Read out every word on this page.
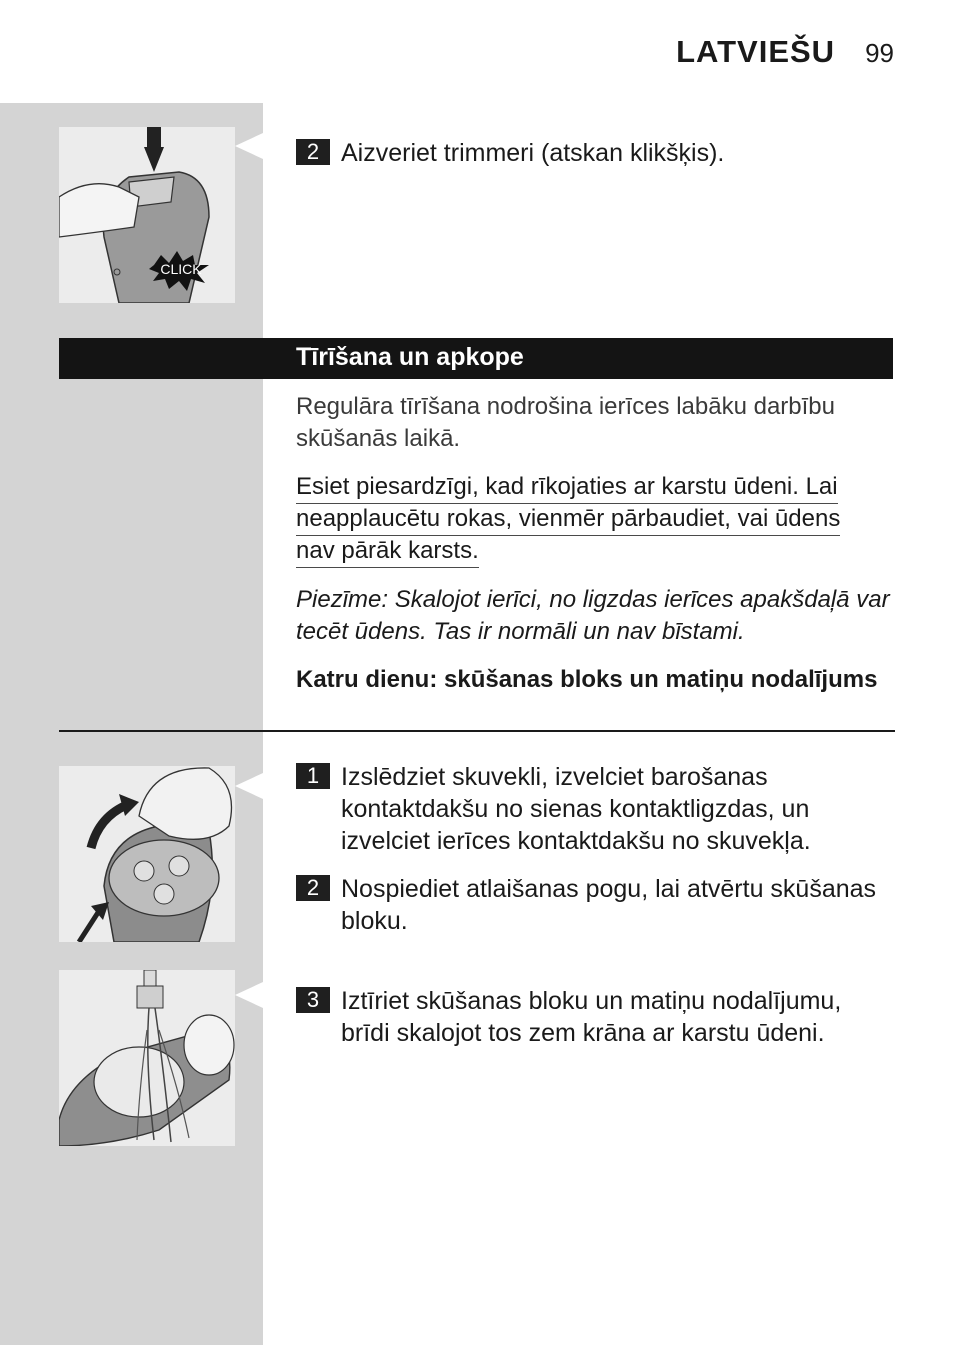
LATVIEŠU 99
CLICK
2 Aizveriet trimmeri (atskan klikšķis).
Tīrīšana un apkope
Regulāra tīrīšana nodrošina ierīces labāku darbību skūšanās laikā.
Esiet piesardzīgi, kad rīkojaties ar karstu ūdeni. Lai
neapplaucētu rokas, vienmēr pārbaudiet, vai ūdens
nav pārāk karsts.
Piezīme: Skalojot ierīci, no ligzdas ierīces apakšdaļā var tecēt ūdens. Tas ir normāli un nav bīstami.
Katru dienu: skūšanas bloks un matiņu nodalījums
1 Izslēdziet skuvekli, izvelciet barošanas kontaktdakšu no sienas kontaktligzdas, un izvelciet ierīces kontaktdakšu no skuvekļa.
2 Nospiediet atlaišanas pogu, lai atvērtu skūšanas bloku.
3 Iztīriet skūšanas bloku un matiņu nodalījumu, brīdi skalojot tos zem krāna ar karstu ūdeni.
